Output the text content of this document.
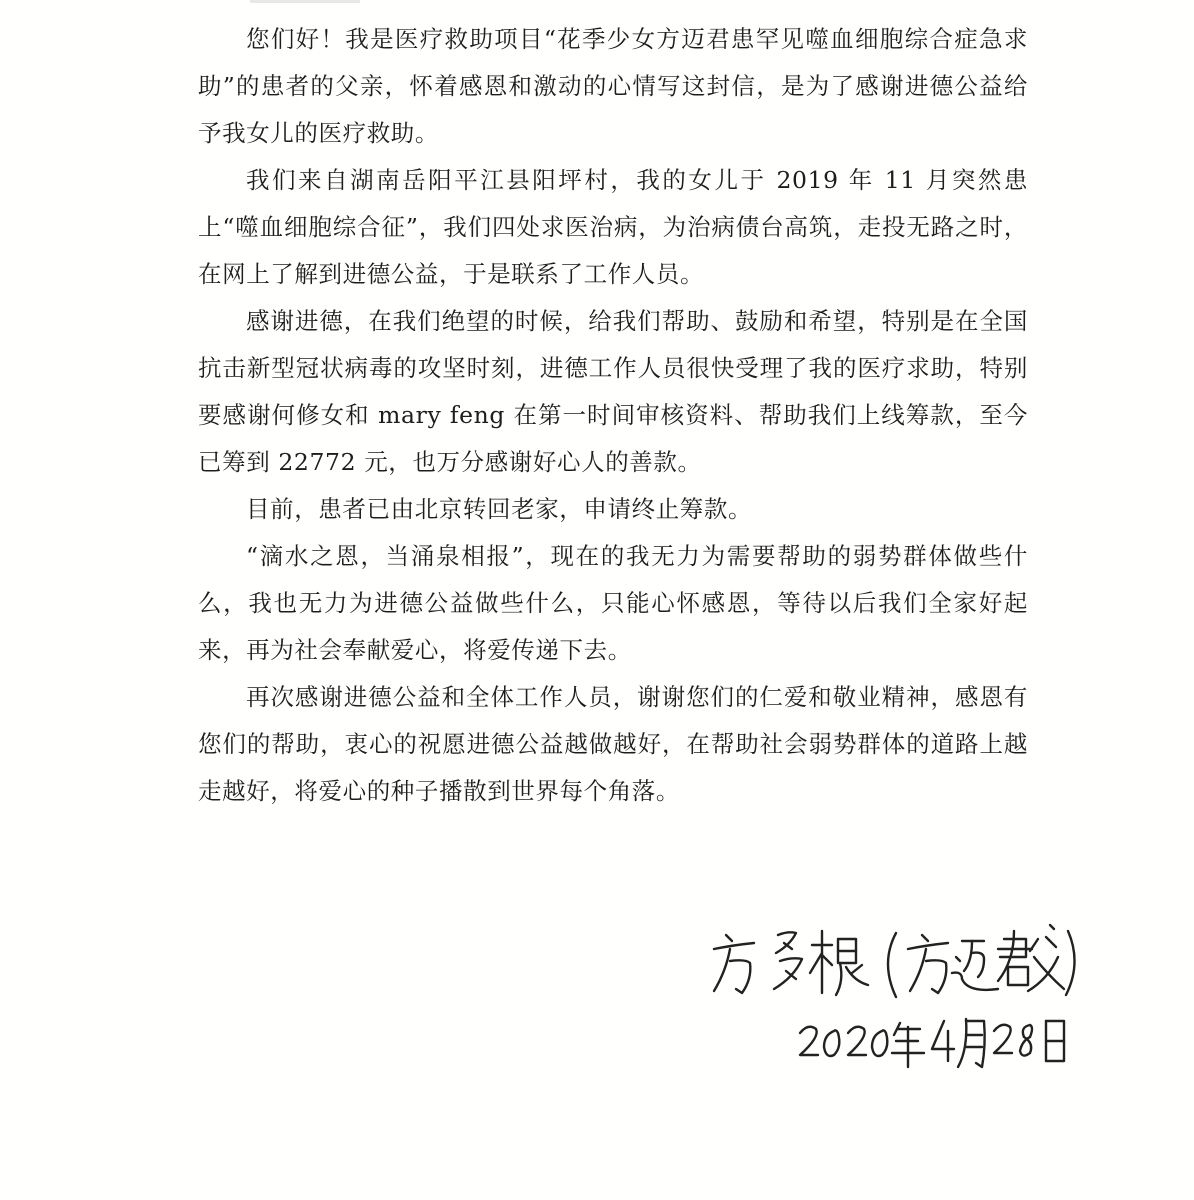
您们好！我是医疗救助项目“花季少女方迈君患罕见噬血细胞综合症急求助”的患者的父亲，怀着感恩和激动的心情写这封信，是为了感谢进德公益给予我女儿的医疗救助。

我们来自湖南岳阳平江县阳坪村，我的女儿于 2019 年 11 月突然患上“噬血细胞综合征”，我们四处求医治病，为治病债台高筑，走投无路之时，在网上了解到进德公益，于是联系了工作人员。

感谢进德，在我们绝望的时候，给我们帮助、鼓励和希望，特别是在全国抗击新型冠状病毒的攻坚时刻，进德工作人员很快受理了我的医疗求助，特别要感谢何修女和 mary feng 在第一时间审核资料、帮助我们上线筹款，至今已筹到 22772 元，也万分感谢好心人的善款。

目前，患者已由北京转回老家，申请终止筹款。

“滴水之恩，当涌泉相报”，现在的我无力为需要帮助的弱势群体做些什么，我也无力为进德公益做些什么，只能心怀感恩，等待以后我们全家好起来，再为社会奉献爱心，将爱传递下去。

再次感谢进德公益和全体工作人员，谢谢您们的仁爱和敬业精神，感恩有您们的帮助，衷心的祝愿进德公益越做越好，在帮助社会弱势群体的道路上越走越好，将爱心的种子播散到世界每个角落。
